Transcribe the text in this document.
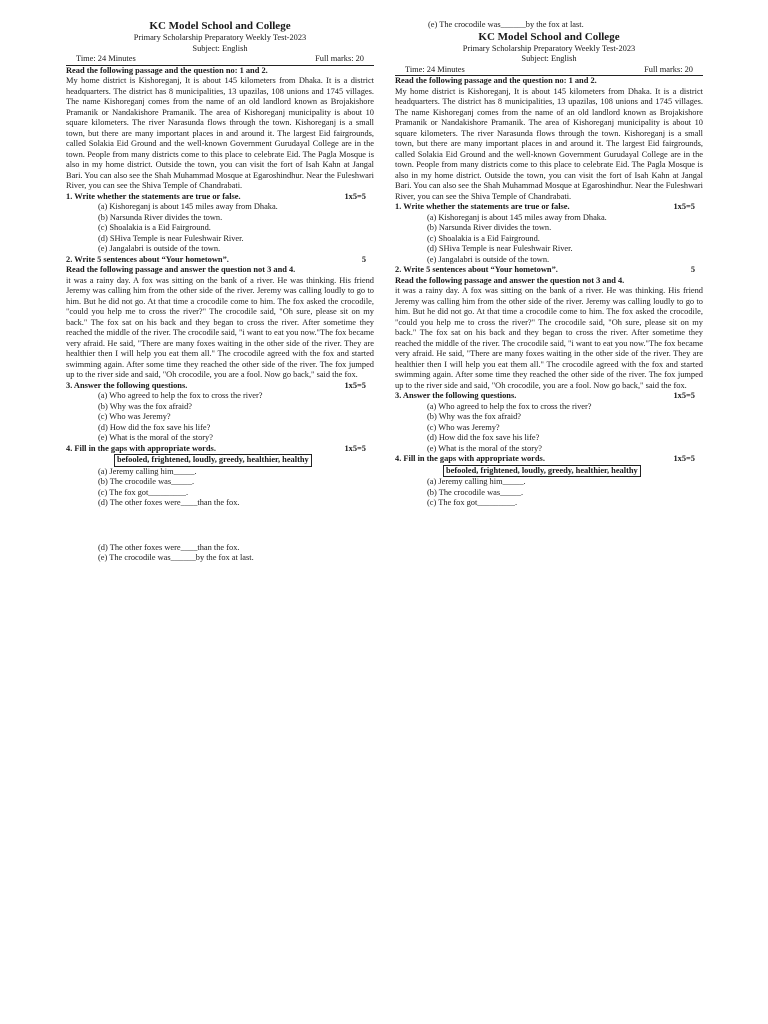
KC Model School and College
Primary Scholarship Preparatory Weekly Test-2023
Subject: English
Time: 24 Minutes	Full marks: 20
Read the following passage and the question no: 1 and 2.
My home district is Kishoreganj, It is about 145 kilometers from Dhaka. It is a district headquarters. The district has 8 municipalities, 13 upazilas, 108 unions and 1745 villages. The name Kishoreganj comes from the name of an old landlord known as Brojakishore Pramanik or Nandakishore Pramanik. The area of Kishoreganj municipality is about 10 square kilometers. The river Narasunda flows through the town. Kishoreganj is a small town, but there are many important places in and around it. The largest Eid fairgrounds, called Solakia Eid Ground and the well-known Government Gurudayal College are in the town. People from many districts come to this place to celebrate Eid. The Pagla Mosque is also in my home district. Outside the town, you can visit the fort of Isah Kahn at Jangal Bari. You can also see the Shah Muhammad Mosque at Egaroshindhur. Near the Fuleshwari River, you can see the Shiva Temple of Chandrabati.
1. Write whether the statements are true or false.	1x5=5
(a) Kishoreganj is about 145 miles away from Dhaka.
(b) Narsunda River divides the town.
(c) Shoalakia is a Eid Fairground.
(d) SHiva Temple is near Fuleshwair River.
(e) Jangalabri is outside of the town.
2. Write 5 sentences about “Your hometown”.	5
Read the following passage and answer the question not 3 and 4.
it was a rainy day. A fox was sitting on the bank of a river. He was thinking. His friend Jeremy was calling him from the other side of the river. Jeremy was calling loudly to go to him. But he did not go. At that time a crocodile come to him. The fox asked the crocodile, "could you help me to cross the river?" The crocodile said, "Oh sure, please sit on my back." The fox sat on his back and they began to cross the river. After sometime they reached the middle of the river. The crocodile said, "i want to eat you now."The fox became very afraid. He said, "There are many foxes waiting in the other side of the river. They are healthier then I will help you eat them all." The crocodile agreed with the fox and started swimming again. After some time they reached the other side of the river. The fox jumped up to the river side and said, "Oh crocodile, you are a fool. Now go back," said the fox.
3. Answer the following questions.	1x5=5
(a) Who agreed to help the fox to cross the river?
(b) Why was the fox afraid?
(c) Who was Jeremy?
(d) How did the fox save his life?
(e) What is the moral of the story?
4. Fill in the gaps with appropriate words.	1x5=5
befooled, frightened, loudly, greedy, healthier, healthy
(a) Jeremy calling him_____.
(b) The crocodile was_____.
(c) The fox got_________.
(d) The other foxes were____than the fox.
(d) The other foxes were____than the fox.
(e) The crocodile was______by the fox at last.
(e) The crocodile was______by the fox at last.
KC Model School and College
Primary Scholarship Preparatory Weekly Test-2023
Subject: English
Time: 24 Minutes	Full marks: 20
Read the following passage and the question no: 1 and 2.
My home district is Kishoreganj, It is about 145 kilometers from Dhaka. It is a district headquarters. The district has 8 municipalities, 13 upazilas, 108 unions and 1745 villages. The name Kishoreganj comes from the name of an old landlord known as Brojakishore Pramanik or Nandakishore Pramanik. The area of Kishoreganj municipality is about 10 square kilometers. The river Narasunda flows through the town. Kishoreganj is a small town, but there are many important places in and around it. The largest Eid fairgrounds, called Solakia Eid Ground and the well-known Government Gurudayal College are in the town. People from many districts come to this place to celebrate Eid. The Pagla Mosque is also in my home district. Outside the town, you can visit the fort of Isah Kahn at Jangal Bari. You can also see the Shah Muhammad Mosque at Egaroshindhur. Near the Fuleshwari River, you can see the Shiva Temple of Chandrabati.
1. Write whether the statements are true or false.	1x5=5
(a) Kishoreganj is about 145 miles away from Dhaka.
(b) Narsunda River divides the town.
(c) Shoalakia is a Eid Fairground.
(d) SHiva Temple is near Fuleshwair River.
(e) Jangalabri is outside of the town.
2. Write 5 sentences about “Your hometown”.	5
Read the following passage and answer the question not 3 and 4.
it was a rainy day. A fox was sitting on the bank of a river. He was thinking. His friend Jeremy was calling him from the other side of the river. Jeremy was calling loudly to go to him. But he did not go. At that time a crocodile come to him. The fox asked the crocodile, "could you help me to cross the river?" The crocodile said, "Oh sure, please sit on my back." The fox sat on his back and they began to cross the river. After sometime they reached the middle of the river. The crocodile said, "i want to eat you now."The fox became very afraid. He said, "There are many foxes waiting in the other side of the river. They are healthier then I will help you eat them all." The crocodile agreed with the fox and started swimming again. After some time they reached the other side of the river. The fox jumped up to the river side and said, "Oh crocodile, you are a fool. Now go back," said the fox.
3. Answer the following questions.	1x5=5
(a) Who agreed to help the fox to cross the river?
(b) Why was the fox afraid?
(c) Who was Jeremy?
(d) How did the fox save his life?
(e) What is the moral of the story?
4. Fill in the gaps with appropriate words.	1x5=5
befooled, frightened, loudly, greedy, healthier, healthy
(a) Jeremy calling him_____.
(b) The crocodile was_____.
(c) The fox got_________.
